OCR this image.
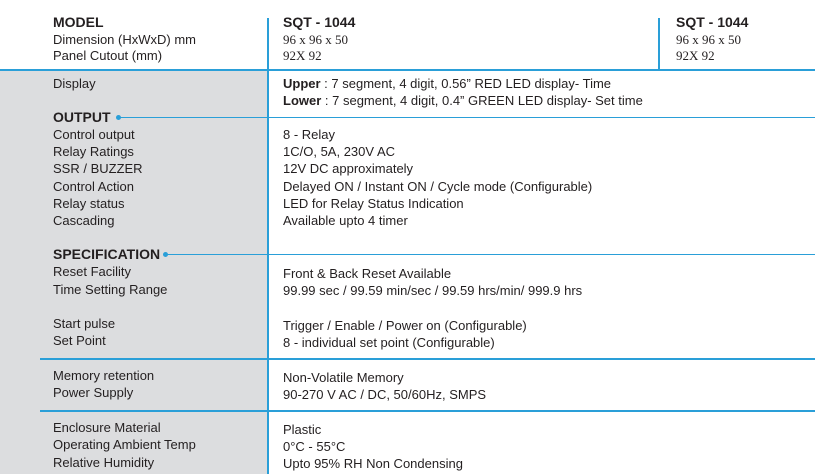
MODEL
Dimension (HxWxD) mm
Panel Cutout (mm)
SQT - 1044
96 x 96 x 50
92X 92
SQT - 1044
96 x 96 x 50
92X 92
Display	Upper : 7 segment, 4 digit, 0.56” RED LED display- Time
Lower : 7 segment, 4 digit, 0.4” GREEN LED display- Set time
OUTPUT
Control output
Relay Ratings
SSR / BUZZER
Control Action
Relay status
Cascading
8 - Relay
1C/O, 5A, 230V AC
12V DC approximately
Delayed ON / Instant ON / Cycle mode (Configurable)
LED for Relay Status Indication
Available upto 4 timer
SPECIFICATION
Reset Facility
Time Setting Range
Start pulse
Set Point
Memory retention
Power Supply
Enclosure Material
Operating Ambient Temp
Relative Humidity
Front & Back Reset Available
99.99 sec / 99.59 min/sec / 99.59 hrs/min/ 999.9 hrs
Trigger / Enable / Power on (Configurable)
8 - individual set point (Configurable)
Non-Volatile Memory
90-270 V AC / DC, 50/60Hz, SMPS
Plastic
0°C - 55°C
Upto 95% RH Non Condensing
